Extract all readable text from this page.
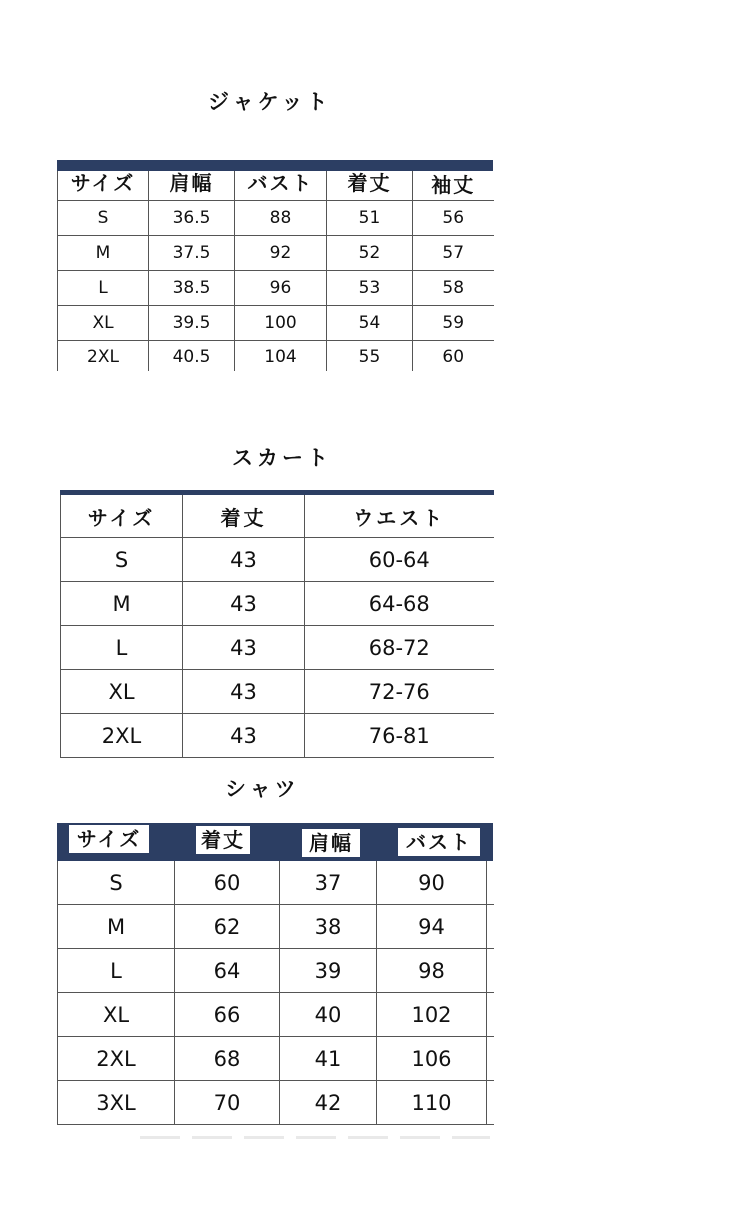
ジャケット
サイズ	肩幅	バスト	着丈	袖丈
S	36.5	88	51	56
M	37.5	92	52	57
L	38.5	96	53	58
XL	39.5	100	54	59
2XL	40.5	104	55	60
スカート
サイズ	着丈	ウエスト
S	43	60-64
M	43	64-68
L	43	68-72
XL	43	72-76
2XL	43	76-81
シャツ
サイズ	着丈	肩幅	バスト
S	60	37	90	
M	62	38	94	
L	64	39	98	
XL	66	40	102	
2XL	68	41	106	
3XL	70	42	110	
